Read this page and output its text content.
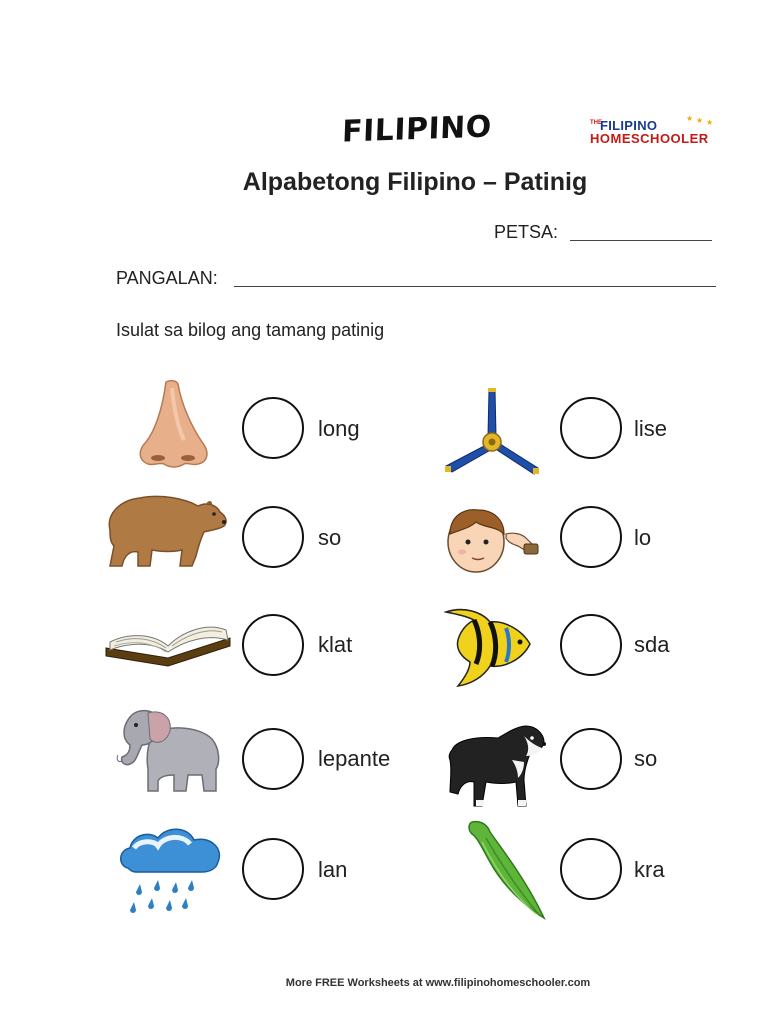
FILIPINO	THE
FILIPINO
HOMESCHOOLER
★ ★ ★
Alpabetong Filipino – Patinig
PETSA:
PANGALAN:
Isulat sa bilog ang tamang patinig
long
so
klat
lepante
lan
lise
lo
sda
so
kra
More FREE Worksheets at www.filipinohomeschooler.com
